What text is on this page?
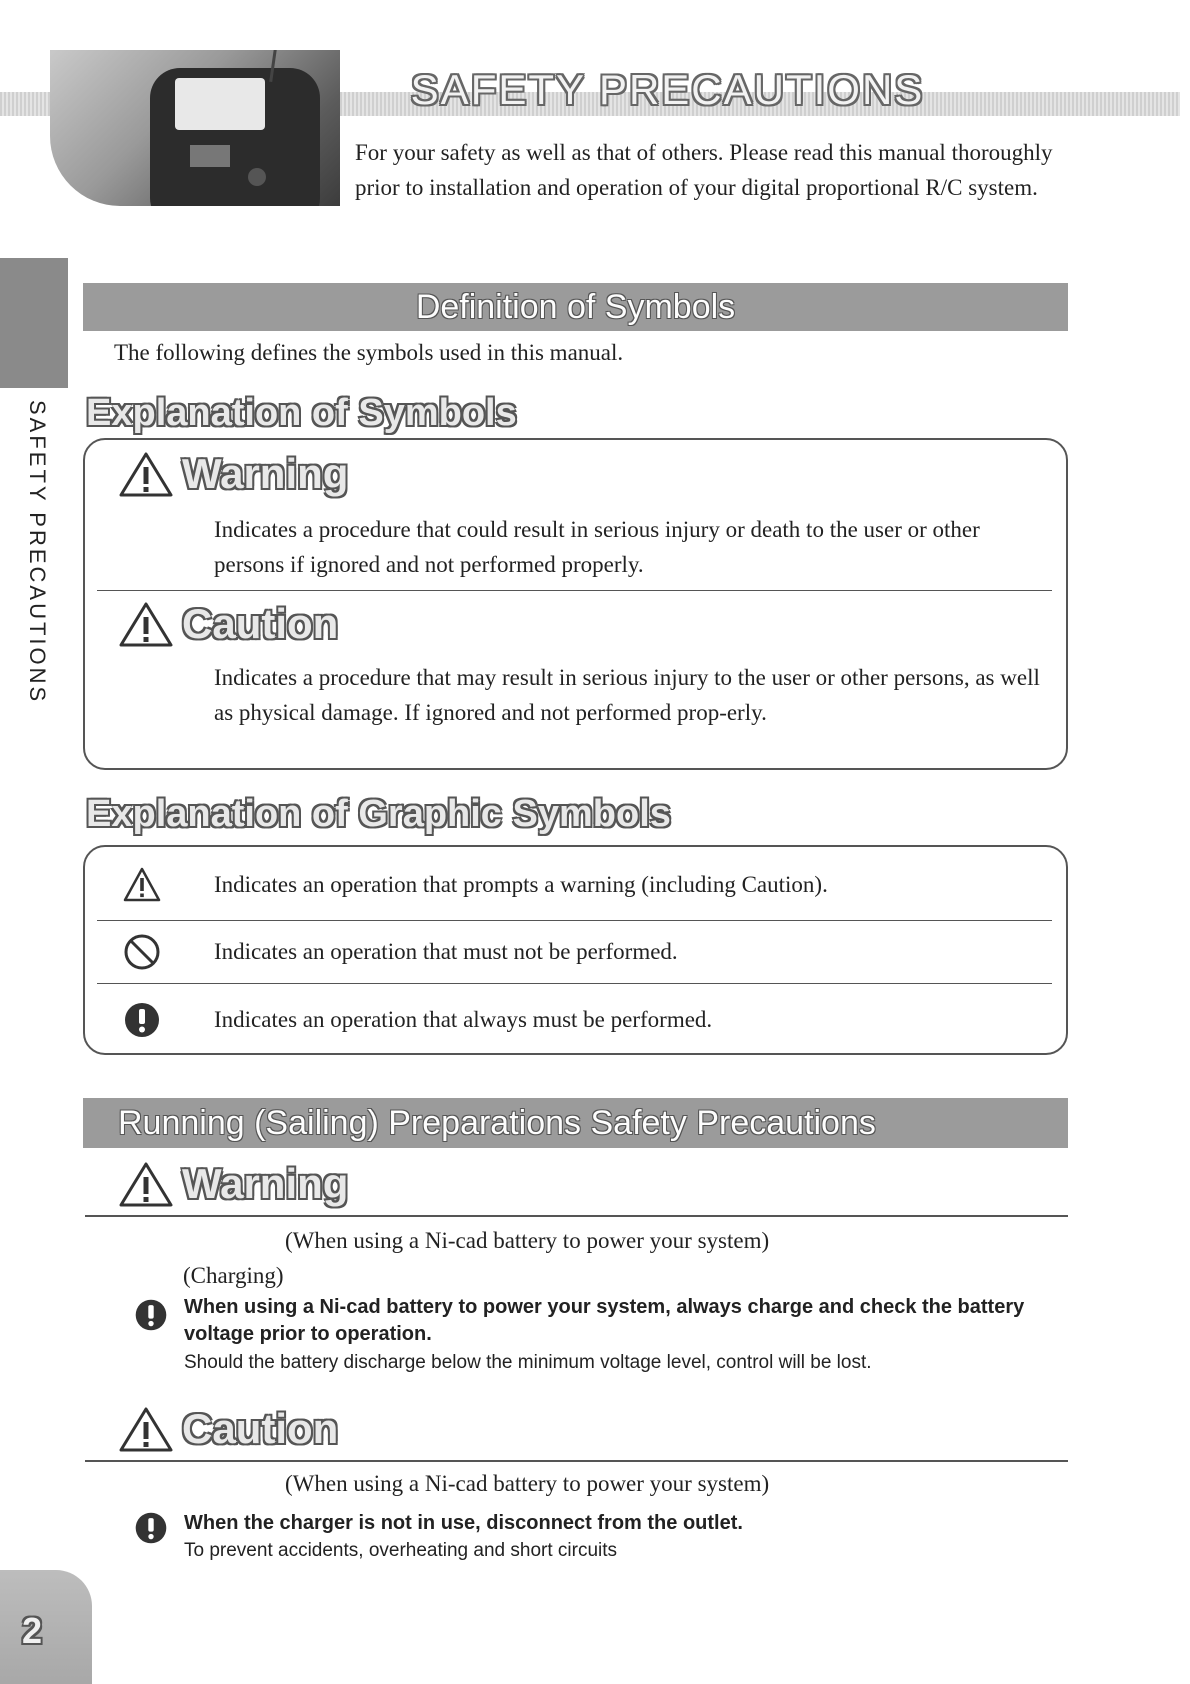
SAFETY PRECAUTIONS
For your safety as well as that of others. Please read this manual thoroughly prior to installation and operation of your digital proportional R/C system.
SAFETY PRECAUTIONS
Definition of Symbols
The following defines the symbols used in this manual.
Explanation of Symbols
Warning
Indicates a procedure that could result in serious injury or death to the user or other persons if ignored and not performed properly.
Caution
Indicates a procedure that may result in serious injury to the user or other persons, as well as physical damage. If ignored and not performed prop-erly.
Explanation of Graphic Symbols
Indicates an operation that prompts a warning (including Caution).
Indicates an operation that must not be performed.
Indicates an operation that always must be performed.
Running (Sailing) Preparations Safety Precautions
Warning
(When using a Ni-cad battery to power your system)
(Charging)
When using a Ni-cad battery to power your system, always charge and check the battery voltage prior to operation.
Should the battery discharge below the minimum voltage level, control will be lost.
Caution
(When using a Ni-cad battery to power your system)
When the charger is not in use, disconnect from the outlet.
To prevent accidents, overheating and short circuits
2
